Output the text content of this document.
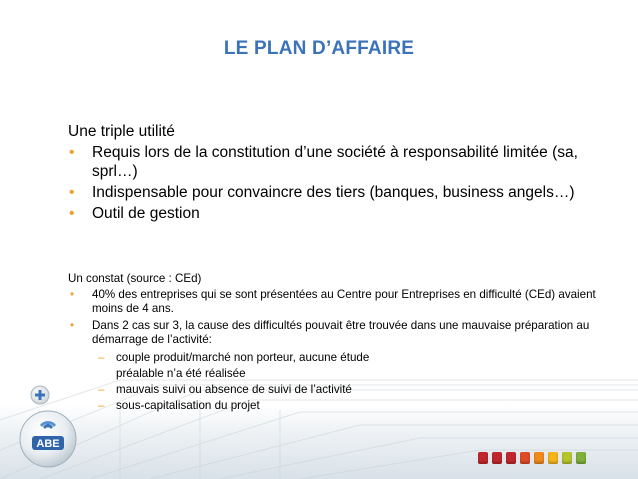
LE PLAN D’AFFAIRE
Une triple utilité
• Requis lors de la constitution d’une société à responsabilité limitée (sa, sprl…)
• Indispensable pour convaincre des tiers (banques, business angels…)
• Outil de gestion
Un constat (source : CEd)
• 40% des entreprises qui se sont présentées au Centre pour Entreprises en difficulté (CEd) avaient moins de 4 ans.
• Dans 2 cas sur 3, la cause des difficultés pouvait être trouvée dans une mauvaise préparation au démarrage de l’activité:
– couple produit/marché non porteur, aucune étude
préalable n’a été réalisée
– mauvais suivi ou absence de suivi de l’activité
– sous-capitalisation du projet
ABE
